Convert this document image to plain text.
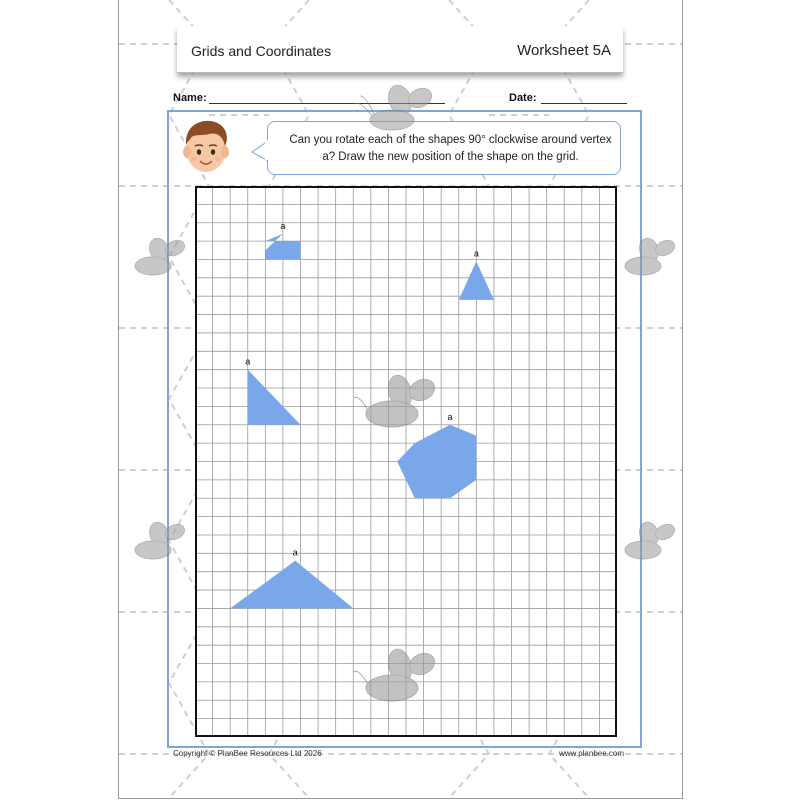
Grids and Coordinates	Worksheet 5A
Name:	Date:
Can you rotate each of the shapes 90° clockwise around vertex a? Draw the new position of the shape on the grid.
a
a
a
a
a
Copyright © PlanBee Resources Ltd 2026	www.planbee.com
